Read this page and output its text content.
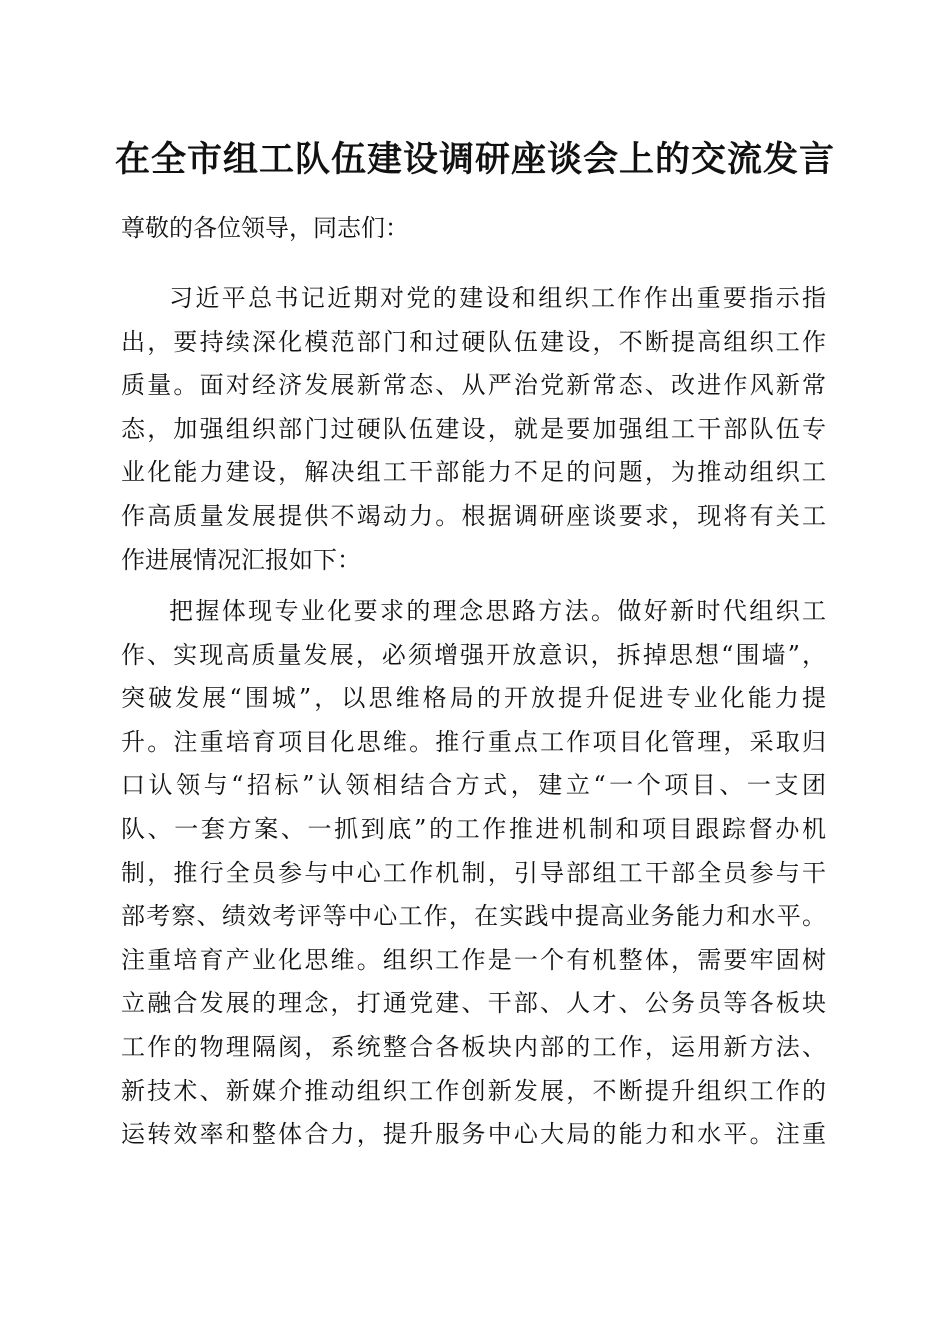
在全市组工队伍建设调研座谈会上的交流发言

尊敬的各位领导，同志们：

习近平总书记近期对党的建设和组织工作作出重要指示指
出，要持续深化模范部门和过硬队伍建设，不断提高组织工作
质量。面对经济发展新常态、从严治党新常态、改进作风新常
态，加强组织部门过硬队伍建设，就是要加强组工干部队伍专
业化能力建设，解决组工干部能力不足的问题，为推动组织工
作高质量发展提供不竭动力。根据调研座谈要求，现将有关工
作进展情况汇报如下：
把握体现专业化要求的理念思路方法。做好新时代组织工
作、实现高质量发展，必须增强开放意识，拆掉思想“围墙”，
突破发展“围城”，以思维格局的开放提升促进专业化能力提
升。注重培育项目化思维。推行重点工作项目化管理，采取归
口认领与“招标”认领相结合方式，建立“一个项目、一支团
队、一套方案、一抓到底”的工作推进机制和项目跟踪督办机
制，推行全员参与中心工作机制，引导部组工干部全员参与干
部考察、绩效考评等中心工作，在实践中提高业务能力和水平。
注重培育产业化思维。组织工作是一个有机整体，需要牢固树
立融合发展的理念，打通党建、干部、人才、公务员等各板块
工作的物理隔阂，系统整合各板块内部的工作，运用新方法、
新技术、新媒介推动组织工作创新发展，不断提升组织工作的
运转效率和整体合力，提升服务中心大局的能力和水平。注重
